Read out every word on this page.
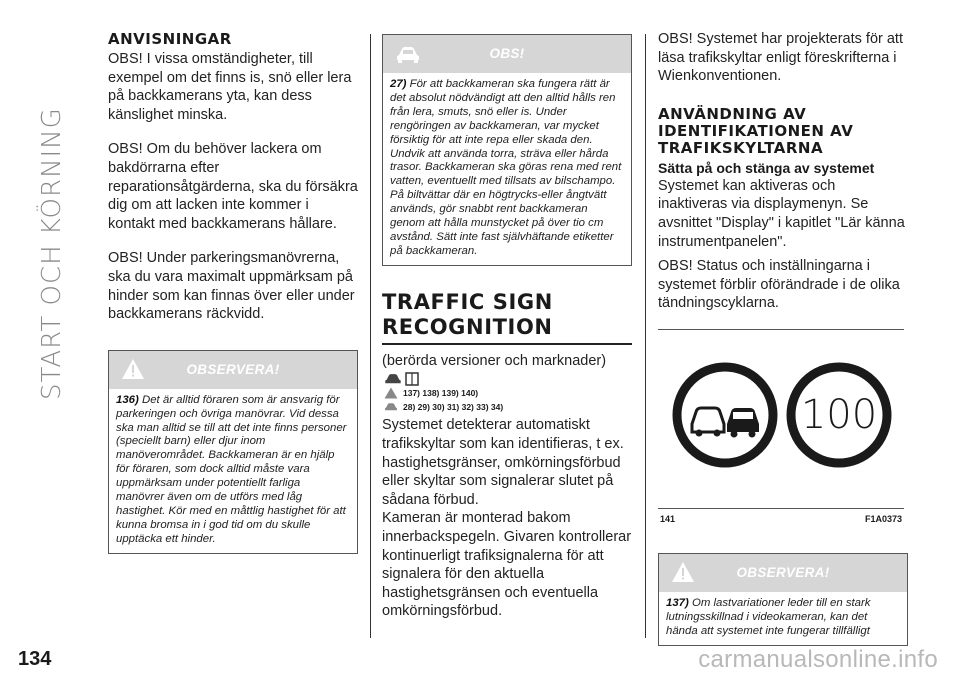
START OCH KÖRNING
ANVISNINGAR

OBS! I vissa omständigheter, till exempel om det finns is, snö eller lera på backkamerans yta, kan dess känslighet minska.

OBS! Om du behöver lackera om bakdörrarna efter reparationsåtgärderna, ska du försäkra dig om att lacken inte kommer i kontakt med backkamerans hållare.

OBS! Under parkeringsmanövrerna, ska du vara maximalt uppmärksam på hinder som kan finnas över eller under backkamerans räckvidd.

OBSERVERA!
136) Det är alltid föraren som är ansvarig för parkeringen och övriga manövrar. Vid dessa ska man alltid se till att det inte finns personer (speciellt barn) eller djur inom manöverområdet. Backkameran är en hjälp för föraren, som dock alltid måste vara uppmärksam under potentiellt farliga manövrer även om de utförs med låg hastighet. Kör med en måttlig hastighet för att kunna bromsa in i god tid om du skulle upptäcka ett hinder.
OBS!
27) För att backkameran ska fungera rätt är det absolut nödvändigt att den alltid hålls ren från lera, smuts, snö eller is. Under rengöringen av backkameran, var mycket försiktig för att inte repa eller skada den. Undvik att använda torra, sträva eller hårda trasor. Backkameran ska göras rena med rent vatten, eventuellt med tillsats av bilschampo. På biltvättar där en högtrycks-eller ångtvätt används, gör snabbt rent backkameran genom att hålla munstycket på över tio cm avstånd. Sätt inte fast självhäftande etiketter på backkameran.
TRAFFIC SIGN
RECOGNITION

(berörda versioner och marknader)

137) 138) 139) 140)
28) 29) 30) 31) 32) 33) 34)

Systemet detekterar automatiskt trafikskyltar som kan identifieras, t ex. hastighetsgränser, omkörningsförbud eller skyltar som signalerar slutet på sådana förbud.

Kameran är monterad bakom innerbackspegeln. Givaren kontrollerar kontinuerligt trafiksignalerna för att signalera för den aktuella hastighetsgränsen och eventuella omkörningsförbud.

OBS! Systemet har projekterats för att läsa trafikskyltar enligt föreskrifterna i Wienkonventionen.

ANVÄNDNING AV
IDENTIFIKATIONEN AV
TRAFIKSKYLTARNA
Sätta på och stänga av systemet

Systemet kan aktiveras och inaktiveras via displaymenyn. Se avsnittet "Display" i kapitlet "Lär känna instrumentpanelen".

OBS! Status och inställningarna i systemet förblir oförändrade i de olika tändningscyklarna.

100
141	F1A0373
OBSERVERA!
137) Om lastvariationer leder till en stark lutningsskillnad i videokameran, kan det hända att systemet inte fungerar tillfälligt
134	carmanualsonline.info
